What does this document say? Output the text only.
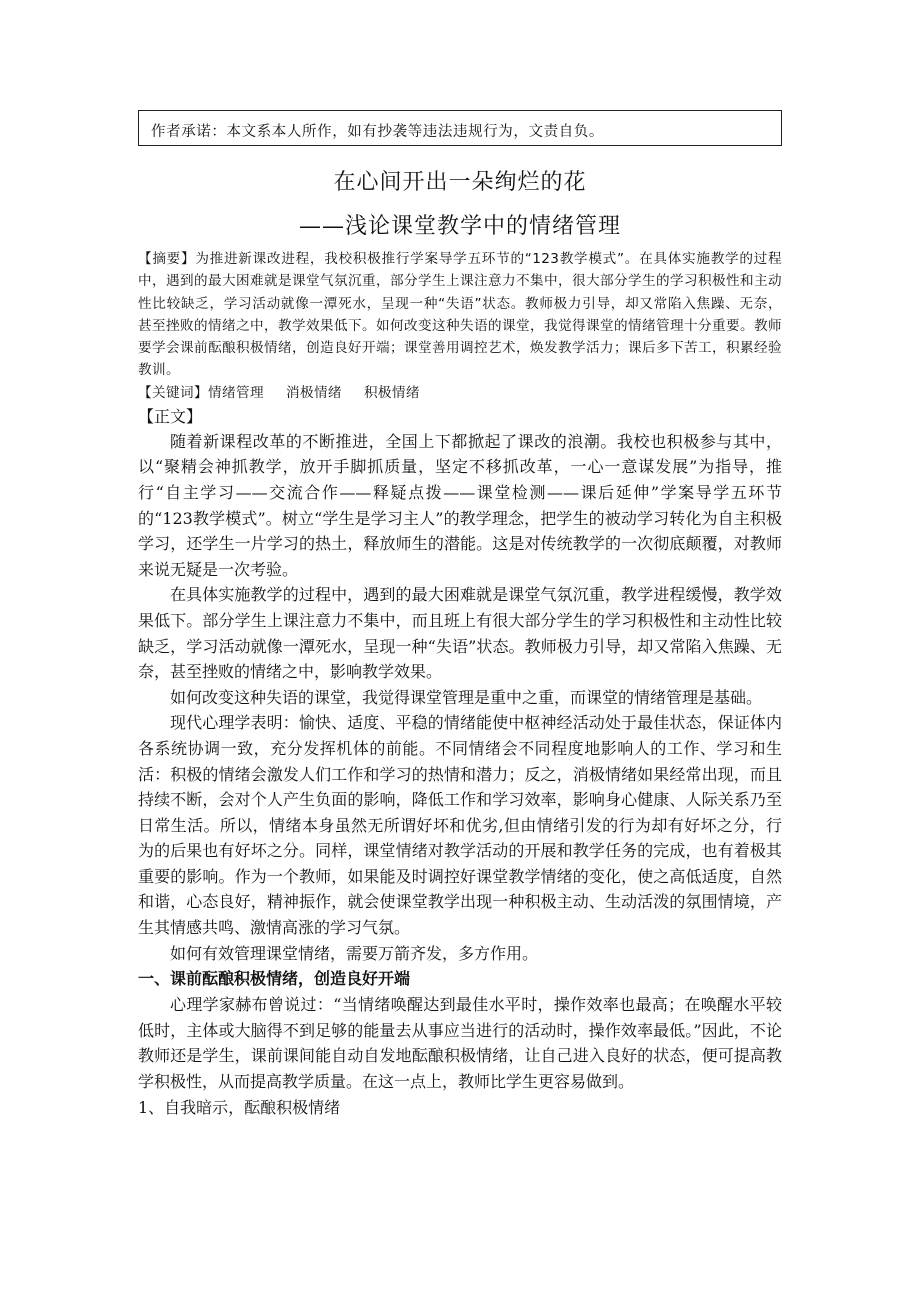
作者承诺：本文系本人所作，如有抄袭等违法违规行为，文责自负。
在心间开出一朵绚烂的花
——浅论课堂教学中的情绪管理
【摘要】为推进新课改进程，我校积极推行学案导学五环节的“123教学模式”。在具体实施教学的过程中，遇到的最大困难就是课堂气氛沉重，部分学生上课注意力不集中，很大部分学生的学习积极性和主动性比较缺乏，学习活动就像一潭死水，呈现一种“失语”状态。教师极力引导，却又常陷入焦躁、无奈，甚至挫败的情绪之中，教学效果低下。如何改变这种失语的课堂，我觉得课堂的情绪管理十分重要。教师要学会课前酝酿积极情绪，创造良好开端；课堂善用调控艺术，焕发教学活力；课后多下苦工，积累经验教训。
【关键词】情绪管理 消极情绪 积极情绪
【正文】

随着新课程改革的不断推进，全国上下都掀起了课改的浪潮。我校也积极参与其中，以“聚精会神抓教学，放开手脚抓质量，坚定不移抓改革，一心一意谋发展”为指导，推行“自主学习——交流合作——释疑点拨——课堂检测——课后延伸”学案导学五环节的“123教学模式”。树立“学生是学习主人”的教学理念，把学生的被动学习转化为自主积极学习，还学生一片学习的热土，释放师生的潜能。这是对传统教学的一次彻底颠覆，对教师来说无疑是一次考验。

在具体实施教学的过程中，遇到的最大困难就是课堂气氛沉重，教学进程缓慢，教学效果低下。部分学生上课注意力不集中，而且班上有很大部分学生的学习积极性和主动性比较缺乏，学习活动就像一潭死水，呈现一种“失语”状态。教师极力引导，却又常陷入焦躁、无奈，甚至挫败的情绪之中，影响教学效果。

如何改变这种失语的课堂，我觉得课堂管理是重中之重，而课堂的情绪管理是基础。

现代心理学表明：愉快、适度、平稳的情绪能使中枢神经活动处于最佳状态，保证体内各系统协调一致，充分发挥机体的前能。不同情绪会不同程度地影响人的工作、学习和生活：积极的情绪会激发人们工作和学习的热情和潜力；反之，消极情绪如果经常出现，而且持续不断，会对个人产生负面的影响，降低工作和学习效率，影响身心健康、人际关系乃至日常生活。所以，情绪本身虽然无所谓好坏和优劣,但由情绪引发的行为却有好坏之分，行为的后果也有好坏之分。同样，课堂情绪对教学活动的开展和教学任务的完成，也有着极其重要的影响。作为一个教师，如果能及时调控好课堂教学情绪的变化，使之高低适度，自然和谐，心态良好，精神振作，就会使课堂教学出现一种积极主动、生动活泼的氛围情境，产生其情感共鸣、激情高涨的学习气氛。

如何有效管理课堂情绪，需要万箭齐发，多方作用。

一、课前酝酿积极情绪，创造良好开端

心理学家赫布曾说过：“当情绪唤醒达到最佳水平时，操作效率也最高；在唤醒水平较低时，主体或大脑得不到足够的能量去从事应当进行的活动时，操作效率最低。”因此，不论教师还是学生，课前课间能自动自发地酝酿积极情绪，让自己进入良好的状态，便可提高教学积极性，从而提高教学质量。在这一点上，教师比学生更容易做到。

1、自我暗示，酝酿积极情绪
